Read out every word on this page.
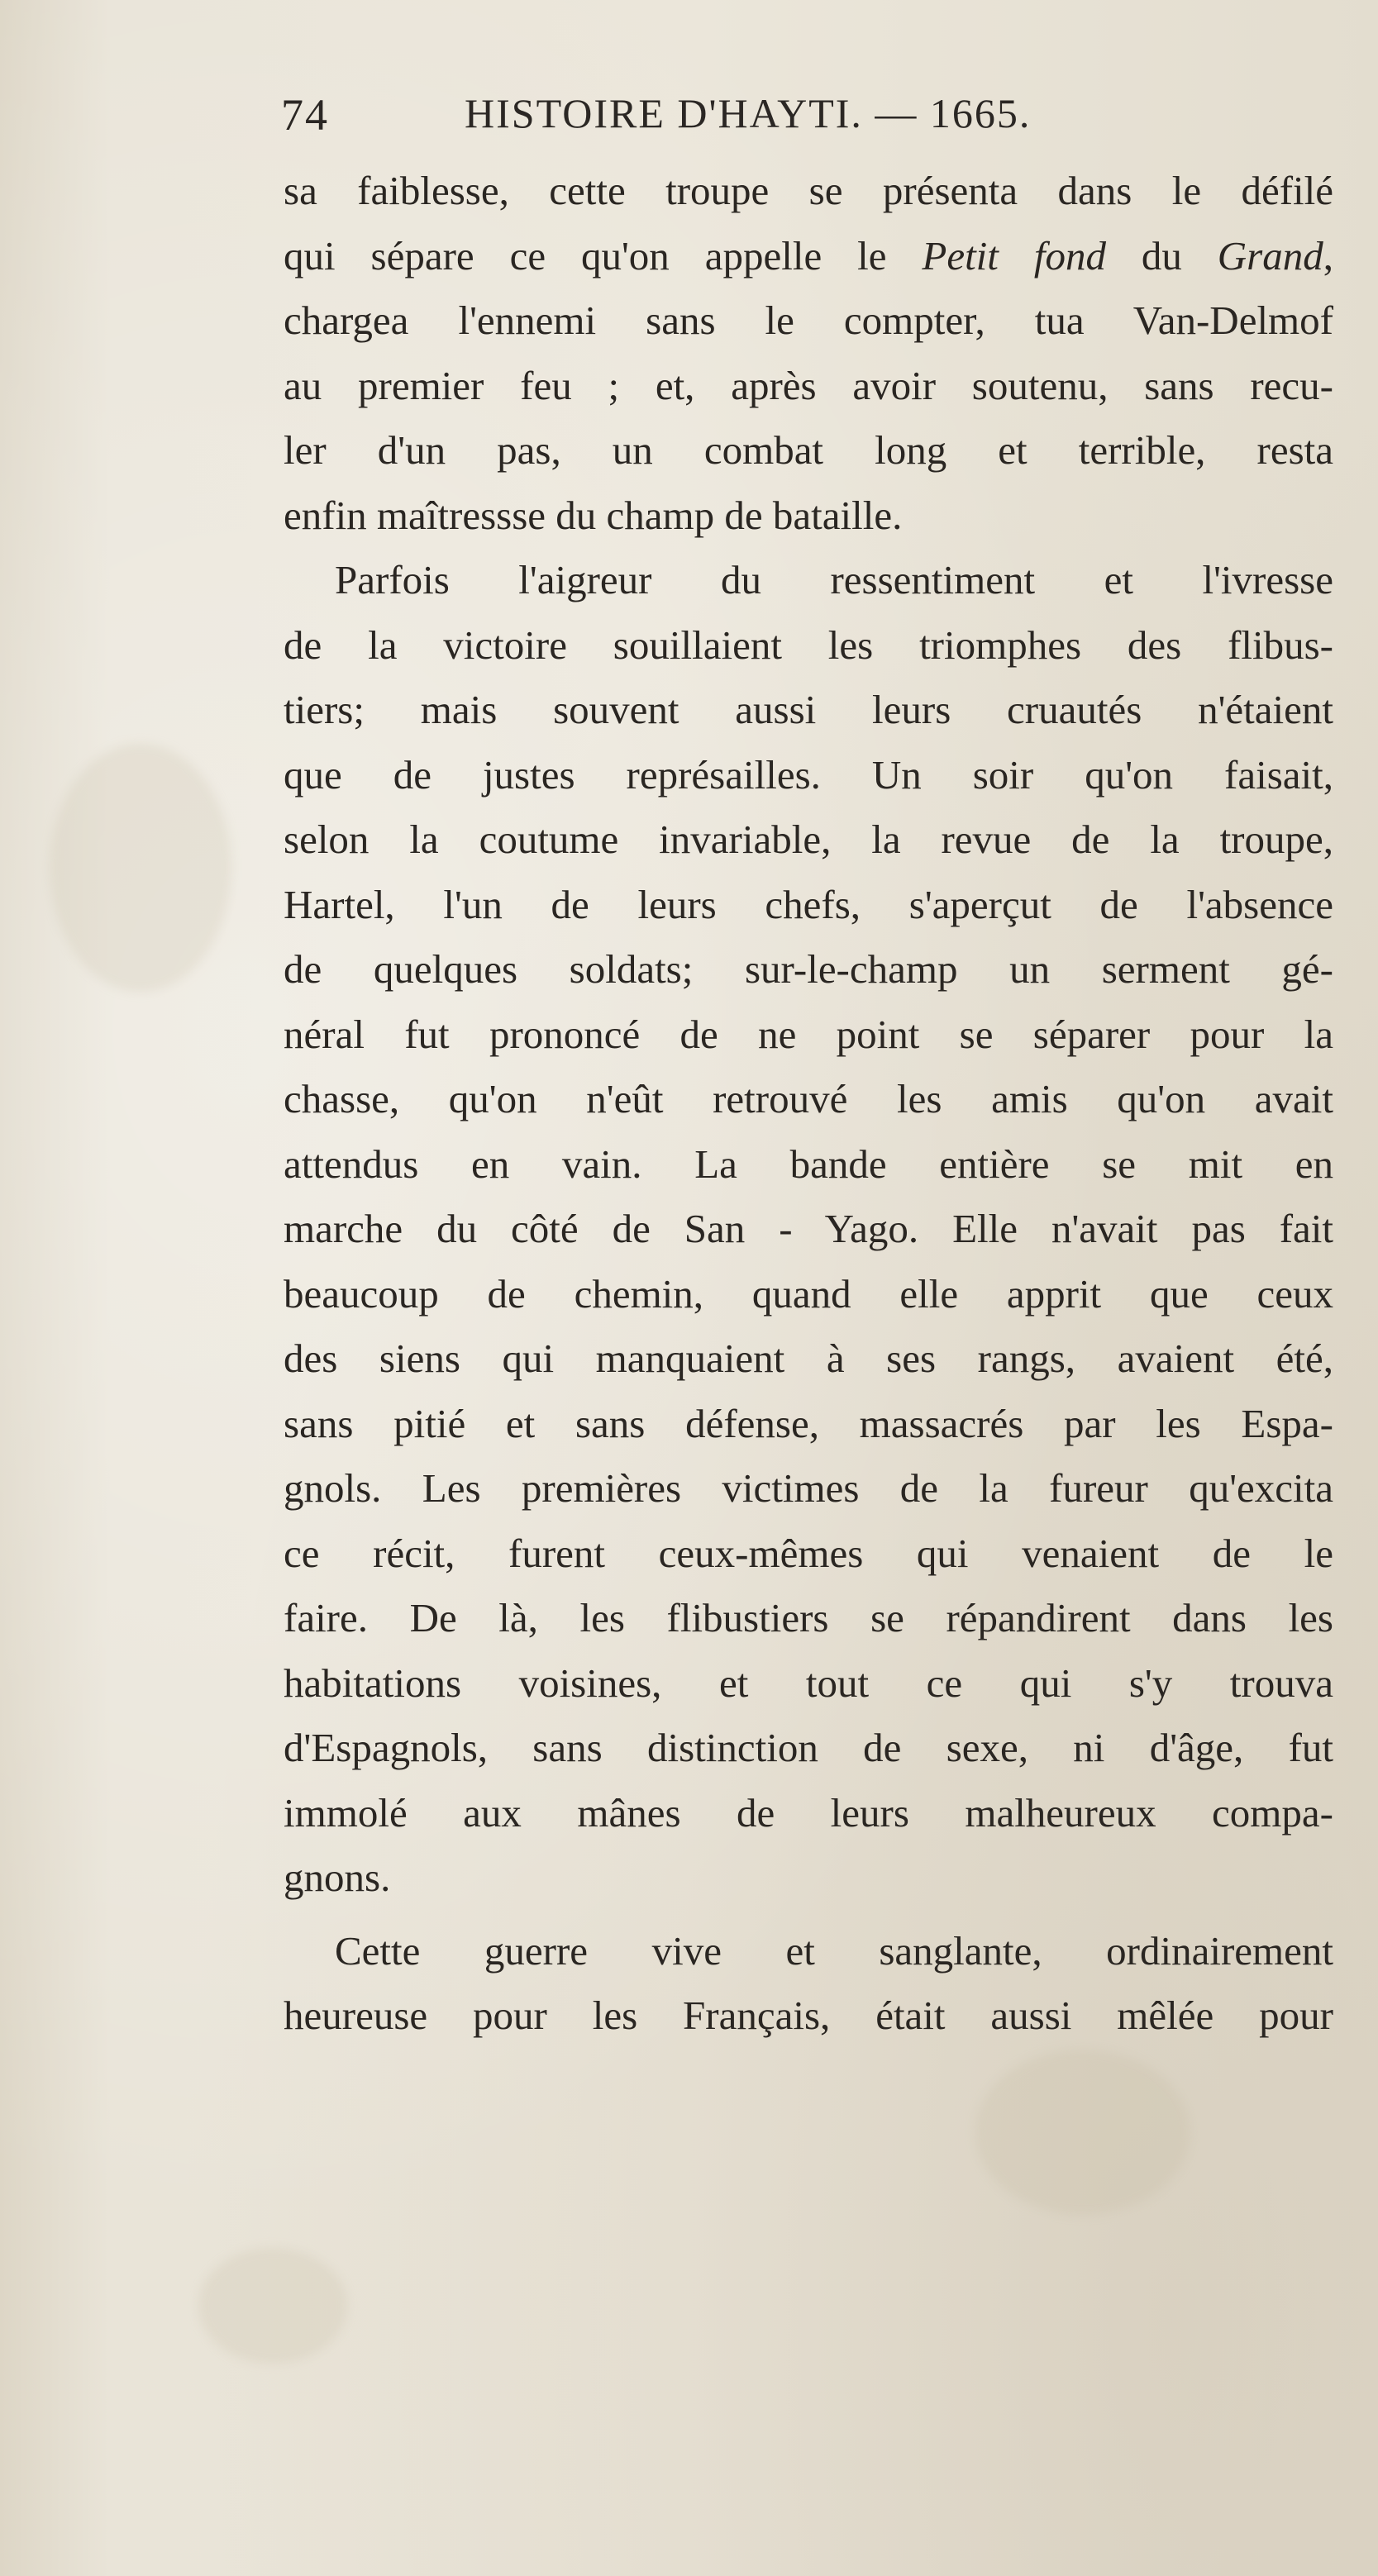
74	HISTOIRE D'HAYTI. — 1665.
sa faiblesse, cette troupe se présenta dans le défilé
qui sépare ce qu'on appelle le Petit fond du Grand,
chargea l'ennemi sans le compter, tua Van-Delmof
au premier feu ; et, après avoir soutenu, sans recu-
ler d'un pas, un combat long et terrible, resta
enfin maîtressse du champ de bataille.
Parfois l'aigreur du ressentiment et l'ivresse
de la victoire souillaient les triomphes des flibus-
tiers; mais souvent aussi leurs cruautés n'étaient
que de justes représailles. Un soir qu'on faisait,
selon la coutume invariable, la revue de la troupe,
Hartel, l'un de leurs chefs, s'aperçut de l'absence
de quelques soldats; sur-le-champ un serment gé-
néral fut prononcé de ne point se séparer pour la
chasse, qu'on n'eût retrouvé les amis qu'on avait
attendus en vain. La bande entière se mit en
marche du côté de San - Yago. Elle n'avait pas fait
beaucoup de chemin, quand elle apprit que ceux
des siens qui manquaient à ses rangs, avaient été,
sans pitié et sans défense, massacrés par les Espa-
gnols. Les premières victimes de la fureur qu'excita
ce récit, furent ceux-mêmes qui venaient de le
faire. De là, les flibustiers se répandirent dans les
habitations voisines, et tout ce qui s'y trouva
d'Espagnols, sans distinction de sexe, ni d'âge, fut
immolé aux mânes de leurs malheureux compa-
gnons.
Cette guerre vive et sanglante, ordinairement
heureuse pour les Français, était aussi mêlée pour
